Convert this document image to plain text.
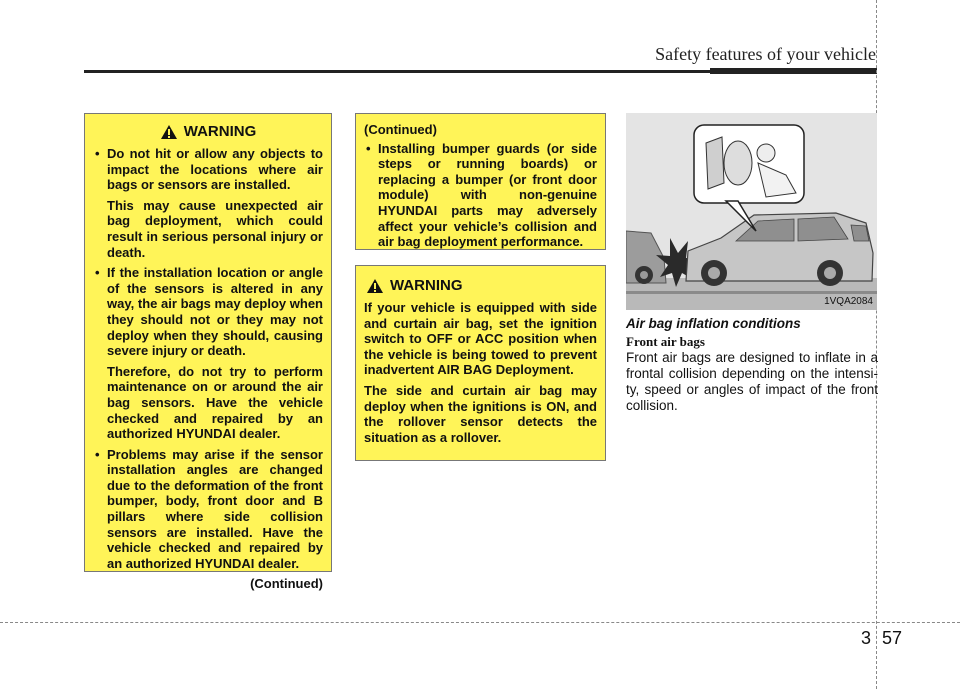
Safety features of your vehicle
3 57
WARNING
• Do not hit or allow any objects to impact the locations where air bags or sensors are installed.
This may cause unexpected air bag deployment, which could result in serious personal injury or death.
• If the installation location or angle of the sensors is altered in any way, the air bags may deploy when they should not or they may not deploy when they should, causing severe injury or death.
Therefore, do not try to perform maintenance on or around the air bag sensors. Have the vehicle checked and repaired by an authorized HYUNDAI dealer.
• Problems may arise if the sensor installation angles are changed due to the deformation of the front bumper, body, front door and B pillars where side collision sensors are installed. Have the vehicle checked and repaired by an authorized HYUNDAI dealer.
(Continued)
(Continued)
• Installing bumper guards (or side steps or running boards) or replacing a bumper (or front door module) with non-genuine HYUNDAI parts may adversely affect your vehicle’s collision and air bag deployment performance.
WARNING

If your vehicle is equipped with side and curtain air bag, set the ignition switch to OFF or ACC position when the vehicle is being towed to prevent inadvertent AIR BAG Deployment.

The side and curtain air bag may deploy when the ignitions is ON, and the rollover sensor detects the situation as a rollover.

1VQA2084
Air bag inflation conditions
Front air bags
Front air bags are designed to inflate in a frontal collision depending on the intensi- ty, speed or angles of impact of the front collision.
